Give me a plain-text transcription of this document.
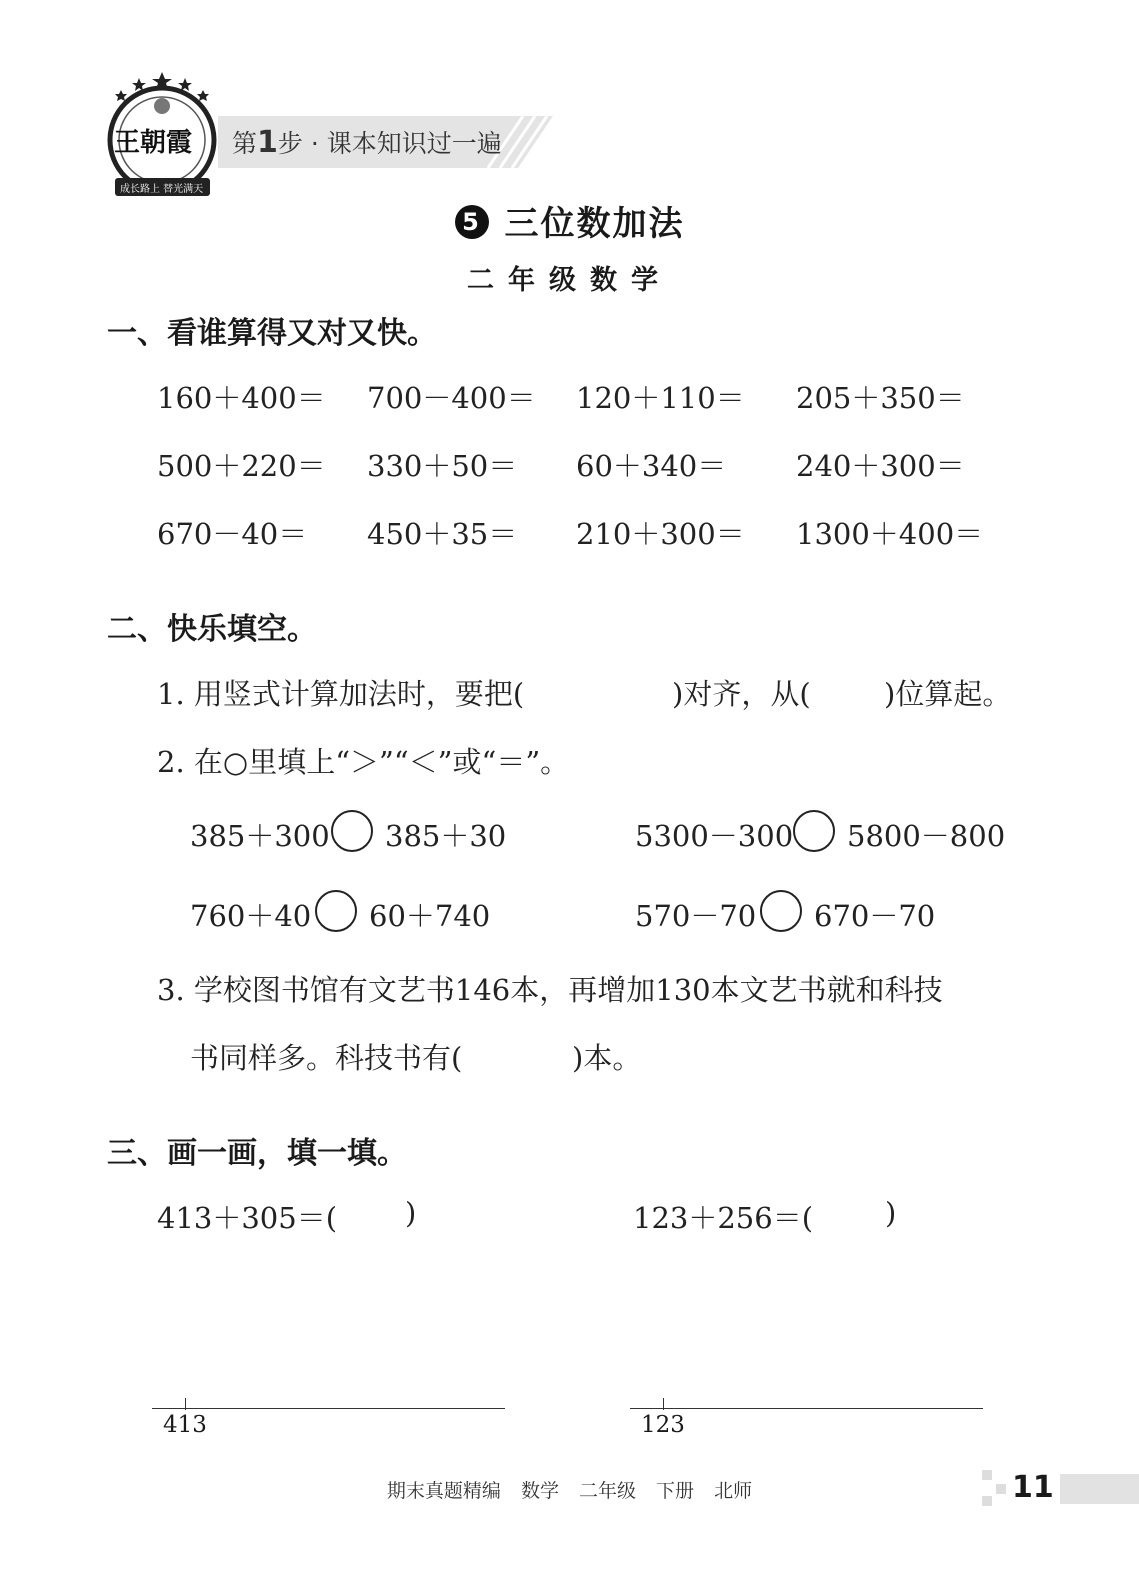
王朝霞
成长路上 替光满天
第1步 · 课本知识过一遍
5 三位数加法
二年级数学
一、看谁算得又对又快。
160＋400＝ 700－400＝ 120＋110＝ 205＋350＝
500＋220＝ 330＋50＝ 60＋340＝ 240＋300＝
670－40＝ 450＋35＝ 210＋300＝ 1300＋400＝
二、快乐填空。
1. 用竖式计算加法时，要把(	)对齐，从(	)位算起。
2. 在○里填上“＞”“＜”或“＝”。
385＋300 385＋30	5300－300 5800－800
760＋40 60＋740	570－70 670－70
3. 学校图书馆有文艺书146本，再增加130本文艺书就和科技
书同样多。科技书有(	)本。
三、画一画，填一填。
413＋305＝( )	123＋256＝( )
413	123
期末真题精编 数学 二年级 下册 北师	11
